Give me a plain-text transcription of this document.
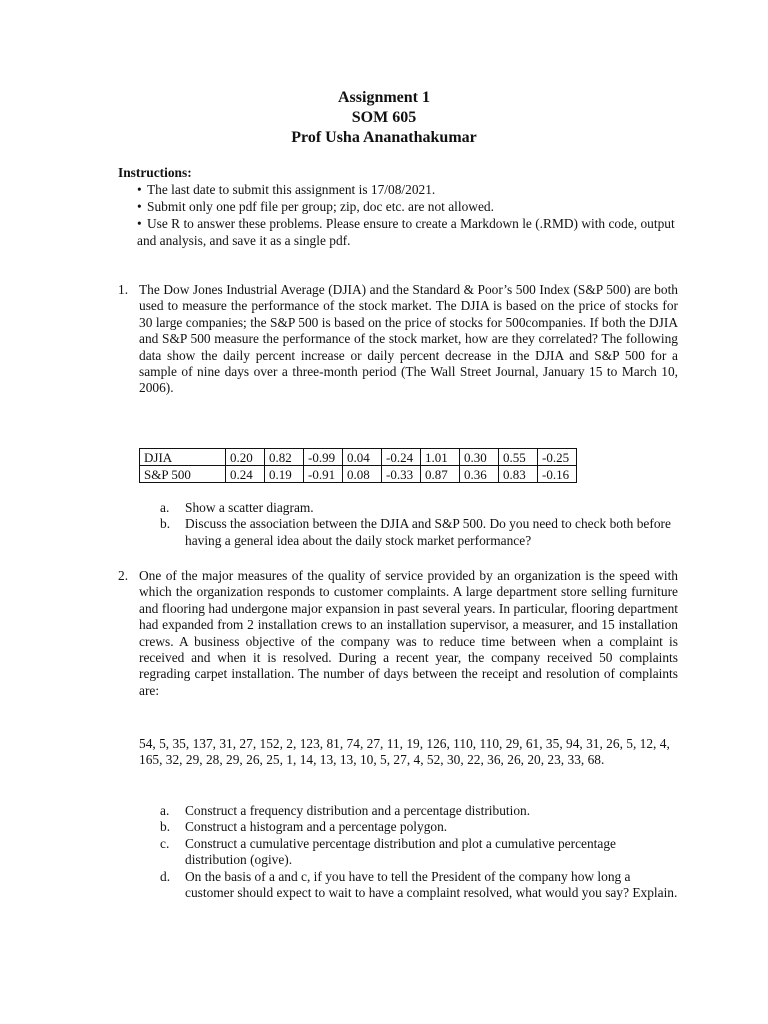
Assignment 1
SOM 605
Prof Usha Ananathakumar
Instructions:
• The last date to submit this assignment is 17/08/2021.
• Submit only one pdf file per group; zip, doc etc. are not allowed.
• Use R to answer these problems. Please ensure to create a Markdown le (.RMD) with code, output and analysis, and save it as a single pdf.
1. The Dow Jones Industrial Average (DJIA) and the Standard & Poor’s 500 Index (S&P 500) are both used to measure the performance of the stock market. The DJIA is based on the price of stocks for 30 large companies; the S&P 500 is based on the price of stocks for 500companies. If both the DJIA and S&P 500 measure the performance of the stock market, how are they correlated? The following data show the daily percent increase or daily percent decrease in the DJIA and S&P 500 for a sample of nine days over a three-month period (The Wall Street Journal, January 15 to March 10, 2006).
DJIA	0.20	0.82	-0.99	0.04	-0.24	1.01	0.30	0.55	-0.25
S&P 500	0.24	0.19	-0.91	0.08	-0.33	0.87	0.36	0.83	-0.16
a. Show a scatter diagram.
b. Discuss the association between the DJIA and S&P 500. Do you need to check both before having a general idea about the daily stock market performance?
2. One of the major measures of the quality of service provided by an organization is the speed with which the organization responds to customer complaints. A large department store selling furniture and flooring had undergone major expansion in past several years. In particular, flooring department had expanded from 2 installation crews to an installation supervisor, a measurer, and 15 installation crews. A business objective of the company was to reduce time between when a complaint is received and when it is resolved. During a recent year, the company received 50 complaints regrading carpet installation. The number of days between the receipt and resolution of complaints are:
54, 5, 35, 137, 31, 27, 152, 2, 123, 81, 74, 27, 11, 19, 126, 110, 110, 29, 61, 35, 94, 31, 26, 5, 12, 4, 165, 32, 29, 28, 29, 26, 25, 1, 14, 13, 13, 10, 5, 27, 4, 52, 30, 22, 36, 26, 20, 23, 33, 68.
a. Construct a frequency distribution and a percentage distribution.
b. Construct a histogram and a percentage polygon.
c. Construct a cumulative percentage distribution and plot a cumulative percentage distribution (ogive).
d. On the basis of a and c, if you have to tell the President of the company how long a customer should expect to wait to have a complaint resolved, what would you say? Explain.
